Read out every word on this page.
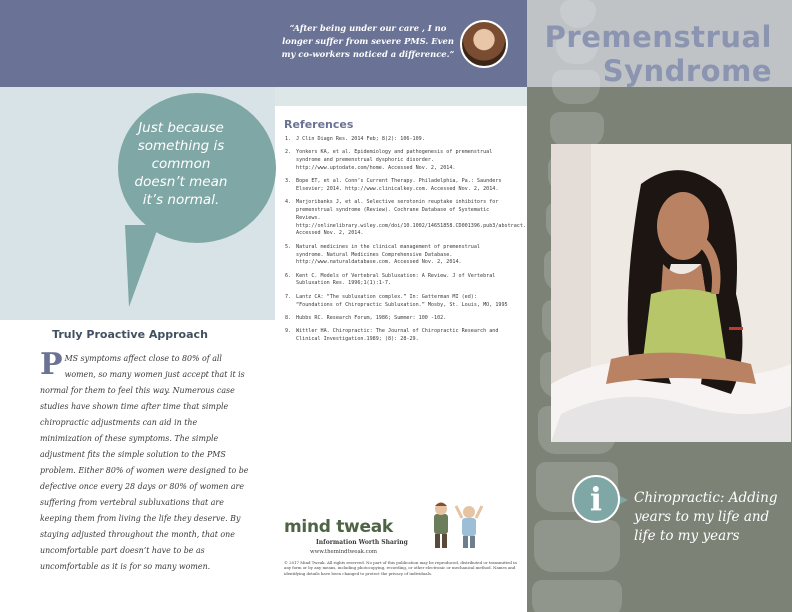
“After being under our care , I no longer suffer from severe PMS. Even my co-workers noticed a difference.”	Premenstrual
Syndrome
Just because something is common doesn’t mean it’s normal.
Truly Proactive Approach
PMS symptoms affect close to 80% of all women, so many women just accept that it is normal for them to feel this way. Numerous case studies have shown time after time that simple chiropractic adjustments can aid in the minimization of these symptoms. The simple adjustment fits the simple solution to the PMS problem. Either 80% of women were designed to be defective once every 28 days or 80% of women are suffering from vertebral subluxations that are keeping them from living the life they deserve. By staying adjusted throughout the month, that one uncomfortable part doesn’t have to be as uncomfortable as it is for so many women.
References
1. J Clin Diagn Res. 2014 Feb; 8(2): 106-109.
2. Yonkers KA, et al. Epidemiology and pathogenesis of premenstrual syndrome and premenstrual dysphoric disorder. http://www.uptodate.com/home. Accessed Nov. 2, 2014.
3. Bope ET, et al. Conn’s Current Therapy. Philadelphia, Pa.: Saunders Elsevier; 2014. http://www.clinicalkey.com. Accessed Nov. 2, 2014.
4. Marjoribanks J, et al. Selective serotonin reuptake inhibitors for premenstrual syndrome (Review). Cochrane Database of Systematic Reviews. http://onlinelibrary.wiley.com/doi/10.1002/14651858.CD001396.pub3/abstract. Accessed Nov. 2, 2014.
5. Natural medicines in the clinical management of premenstrual syndrome. Natural Medicines Comprehensive Database. http://www.naturaldatabase.com. Accessed Nov. 2, 2014.
6. Kent C. Models of Vertebral Subluxation: A Review. J of Vertebral Subluxation Res. 1996;1(1):1-7.
7. Lantz CA: “The subluxation complex.” In: Gatterman MI (ed): “Foundations of Chiropractic Subluxation.” Mosby, St. Louis, MO, 1995
8. Hubbs RC. Research Forum, 1986; Summer: 100 -102.
9. Wittler HA. Chiropractic: The Journal of Chiropractic Research and Clinical Investigation.1989; (8): 28-29.
mind tweak
Information Worth Sharing
www.themindtweak.com
© 2017 Mind Tweak. All rights reserved. No part of this publication may be reproduced, distributed or transmitted in any form or by any means, including photocopying, recording, or other electronic or mechanical method. Names and identifying details have been changed to protect the privacy of individuals.
i	Chiropractic: Adding years to my life and life to my years
